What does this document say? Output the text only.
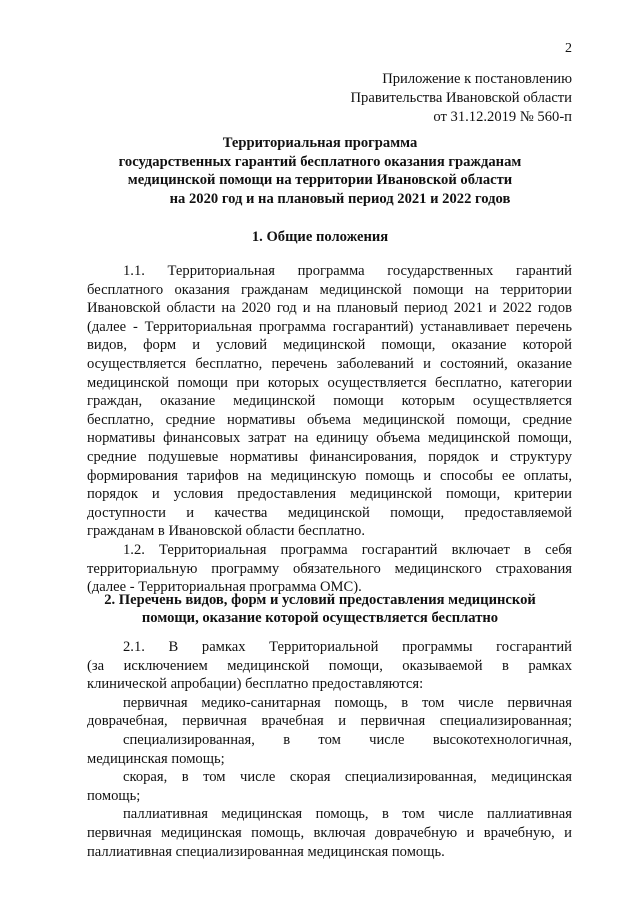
2
Приложение к постановлению
Правительства Ивановской области
от 31.12.2019 № 560-п
Территориальная программа
государственных гарантий бесплатного оказания гражданам
медицинской помощи на территории Ивановской области
на 2020 год и на плановый период 2021 и 2022 годов
1. Общие положения
1.1. Территориальная программа государственных гарантий
бесплатного оказания гражданам медицинской помощи на территории
Ивановской области на 2020 год и на плановый период 2021 и 2022 годов
(далее - Территориальная программа госгарантий) устанавливает перечень
видов, форм и условий медицинской помощи, оказание которой
осуществляется бесплатно, перечень заболеваний и состояний, оказание
медицинской помощи при которых осуществляется бесплатно, категории
граждан, оказание медицинской помощи которым осуществляется
бесплатно, средние нормативы объема медицинской помощи, средние
нормативы финансовых затрат на единицу объема медицинской помощи,
средние подушевые нормативы финансирования, порядок и структуру
формирования тарифов на медицинскую помощь и способы ее оплаты,
порядок и условия предоставления медицинской помощи, критерии
доступности и качества медицинской помощи, предоставляемой
гражданам в Ивановской области бесплатно.
1.2. Территориальная программа госгарантий включает в себя
территориальную программу обязательного медицинского страхования
(далее - Территориальная программа ОМС).
2. Перечень видов, форм и условий предоставления медицинской
помощи, оказание которой осуществляется бесплатно
2.1. В рамках Территориальной программы госгарантий
(за исключением медицинской помощи, оказываемой в рамках
клинической апробации) бесплатно предоставляются:
первичная медико-санитарная помощь, в том числе первичная
доврачебная, первичная врачебная и первичная специализированная;
специализированная, в том числе высокотехнологичная,
медицинская помощь;
скорая, в том числе скорая специализированная, медицинская
помощь;
паллиативная медицинская помощь, в том числе паллиативная
первичная медицинская помощь, включая доврачебную и врачебную, и
паллиативная специализированная медицинская помощь.
